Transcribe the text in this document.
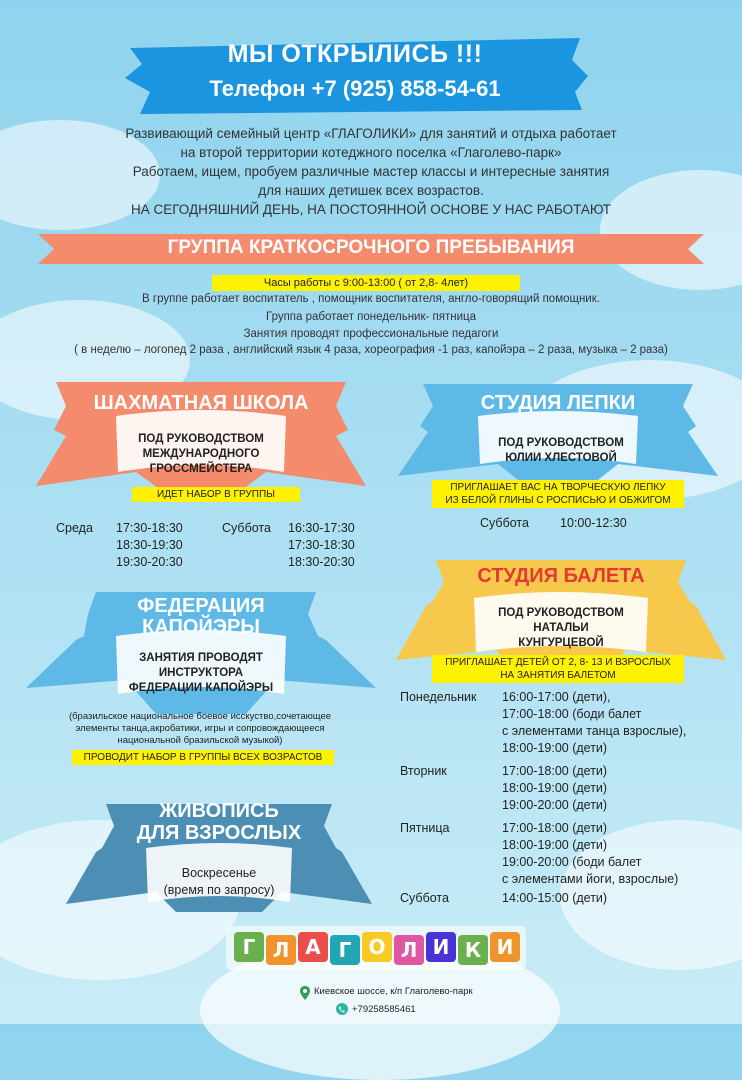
МЫ ОТКРЫЛИСЬ !!!
Телефон +7 (925) 858-54-61
Развивающий семейный центр «ГЛАГОЛИКИ» для занятий и отдыха работает
на второй территории котеджного поселка «Глаголево-парк»
Работаем, ищем, пробуем различные мастер классы и интересные занятия
для наших детишек всех возрастов.
НА СЕГОДНЯШНИЙ ДЕНЬ, НА ПОСТОЯННОЙ ОСНОВЕ У НАС РАБОТАЮТ
ГРУППА КРАТКОСРОЧНОГО ПРЕБЫВАНИЯ
Часы работы с 9:00-13:00 ( от 2,8- 4лет)
В группе работает воспитатель , помощник воспитателя, англо-говорящий помощник.
Группа работает понедельник- пятница
Занятия проводят профессиональные педагоги
( в неделю – логопед 2 раза , английский язык 4 раза, хореография -1 раз, капойэра – 2 раза, музыка – 2 раза)
ШАХМАТНАЯ ШКОЛА
ПОД РУКОВОДСТВОМ
МЕЖДУНАРОДНОГО
ГРОССМЕЙСТЕРА
ИДЕТ НАБОР В ГРУППЫ
Среда 17:30-18:30
18:30-19:30
19:30-20:30
Суббота 16:30-17:30
17:30-18:30
18:30-20:30
СТУДИЯ ЛЕПКИ
ПОД РУКОВОДСТВОМ
ЮЛИИ ХЛЕСТОВОЙ
ПРИГЛАШАЕТ ВАС НА ТВОРЧЕСКУЮ ЛЕПКУ
ИЗ БЕЛОЙ ГЛИНЫ С РОСПИСЬЮ И ОБЖИГОМ
Суббота 10:00-12:30
ФЕДЕРАЦИЯ
КАПОЙЭРЫ
ЗАНЯТИЯ ПРОВОДЯТ
ИНСТРУКТОРА
ФЕДЕРАЦИИ КАПОЙЭРЫ
(бразильское национальное боевое исскуство,сочетающее
элементы танца,акробатики, игры и сопровождающееся
национальной бразильской музыкой)
ПРОВОДИТ НАБОР В ГРУППЫ ВСЕХ ВОЗРАСТОВ
СТУДИЯ БАЛЕТА
ПОД РУКОВОДСТВОМ
НАТАЛЬИ
КУНГУРЦЕВОЙ
ПРИГЛАШАЕТ ДЕТЕЙ ОТ 2, 8- 13 И ВЗРОСЛЫХ
НА ЗАНЯТИЯ БАЛЕТОМ
Понедельник 16:00-17:00 (дети),
17:00-18:00 (боди балет
с элементами танца взрослые),
18:00-19:00 (дети)
Вторник	17:00-18:00 (дети)
18:00-19:00 (дети)
19:00-20:00 (дети)
Пятница	17:00-18:00 (дети)
18:00-19:00 (дети)
19:00-20:00 (боди балет
с элементами йоги, взрослые)
Суббота	14:00-15:00 (дети)
ЖИВОПИСЬ
ДЛЯ ВЗРОСЛЫХ
Воскресенье
(время по запросу)
Г Л А Г О Л И К И
Киевское шоссе, к/п Глаголево-парк
+79258585461
